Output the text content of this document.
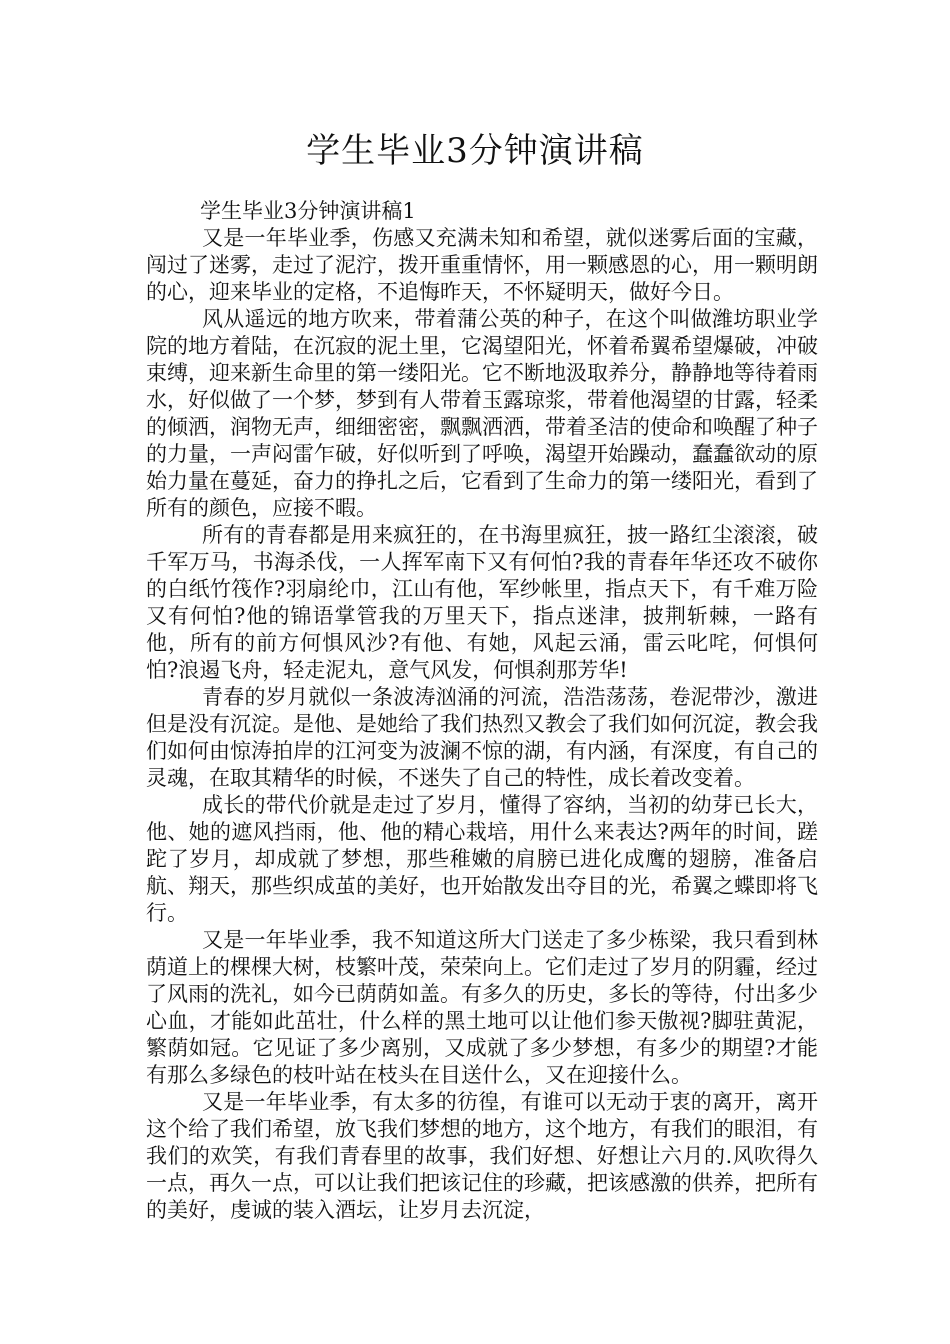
学生毕业3分钟演讲稿

学生毕业3分钟演讲稿1

又是一年毕业季，伤感又充满未知和希望，就似迷雾后面的宝藏，闯过了迷雾，走过了泥泞，拨开重重情怀，用一颗感恩的心，用一颗明朗的心，迎来毕业的定格，不追悔昨天，不怀疑明天，做好今日。

风从遥远的地方吹来，带着蒲公英的种子，在这个叫做潍坊职业学院的地方着陆，在沉寂的泥土里，它渴望阳光，怀着希翼希望爆破，冲破束缚，迎来新生命里的第一缕阳光。它不断地汲取养分，静静地等待着雨水，好似做了一个梦，梦到有人带着玉露琼浆，带着他渴望的甘露，轻柔的倾洒，润物无声，细细密密，飘飘洒洒，带着圣洁的使命和唤醒了种子的力量，一声闷雷乍破，好似听到了呼唤，渴望开始躁动，蠢蠢欲动的原始力量在蔓延，奋力的挣扎之后，它看到了生命力的第一缕阳光，看到了所有的颜色，应接不暇。

所有的青春都是用来疯狂的，在书海里疯狂，披一路红尘滚滚，破千军万马，书海杀伐，一人挥军南下又有何怕?我的青春年华还攻不破你的白纸竹筏作?羽扇纶巾，江山有他，军纱帐里，指点天下，有千难万险又有何怕?他的锦语掌管我的万里天下，指点迷津，披荆斩棘，一路有他，所有的前方何惧风沙?有他、有她，风起云涌，雷云叱咤，何惧何怕?浪遏飞舟，轻走泥丸，意气风发，何惧刹那芳华!

青春的岁月就似一条波涛汹涌的河流，浩浩荡荡，卷泥带沙，激进但是没有沉淀。是他、是她给了我们热烈又教会了我们如何沉淀，教会我们如何由惊涛拍岸的江河变为波澜不惊的湖，有内涵，有深度，有自己的灵魂，在取其精华的时候，不迷失了自己的特性，成长着改变着。

成长的带代价就是走过了岁月，懂得了容纳，当初的幼芽已长大，他、她的遮风挡雨，他、他的精心栽培，用什么来表达?两年的时间，蹉跎了岁月，却成就了梦想，那些稚嫩的肩膀已进化成鹰的翅膀，准备启航、翔天，那些织成茧的美好，也开始散发出夺目的光，希翼之蝶即将飞行。

又是一年毕业季，我不知道这所大门送走了多少栋梁，我只看到林荫道上的棵棵大树，枝繁叶茂，荣荣向上。它们走过了岁月的阴霾，经过了风雨的洗礼，如今已荫荫如盖。有多久的历史，多长的等待，付出多少心血，才能如此茁壮，什么样的黑土地可以让他们参天傲视?脚驻黄泥，繁荫如冠。它见证了多少离别，又成就了多少梦想，有多少的期望?才能有那么多绿色的枝叶站在枝头在目送什么，又在迎接什么。

又是一年毕业季，有太多的彷徨，有谁可以无动于衷的离开，离开这个给了我们希望，放飞我们梦想的地方，这个地方，有我们的眼泪，有我们的欢笑，有我们青春里的故事，我们好想、好想让六月的.风吹得久一点，再久一点，可以让我们把该记住的珍藏，把该感激的供养，把所有的美好，虔诚的装入酒坛，让岁月去沉淀，
